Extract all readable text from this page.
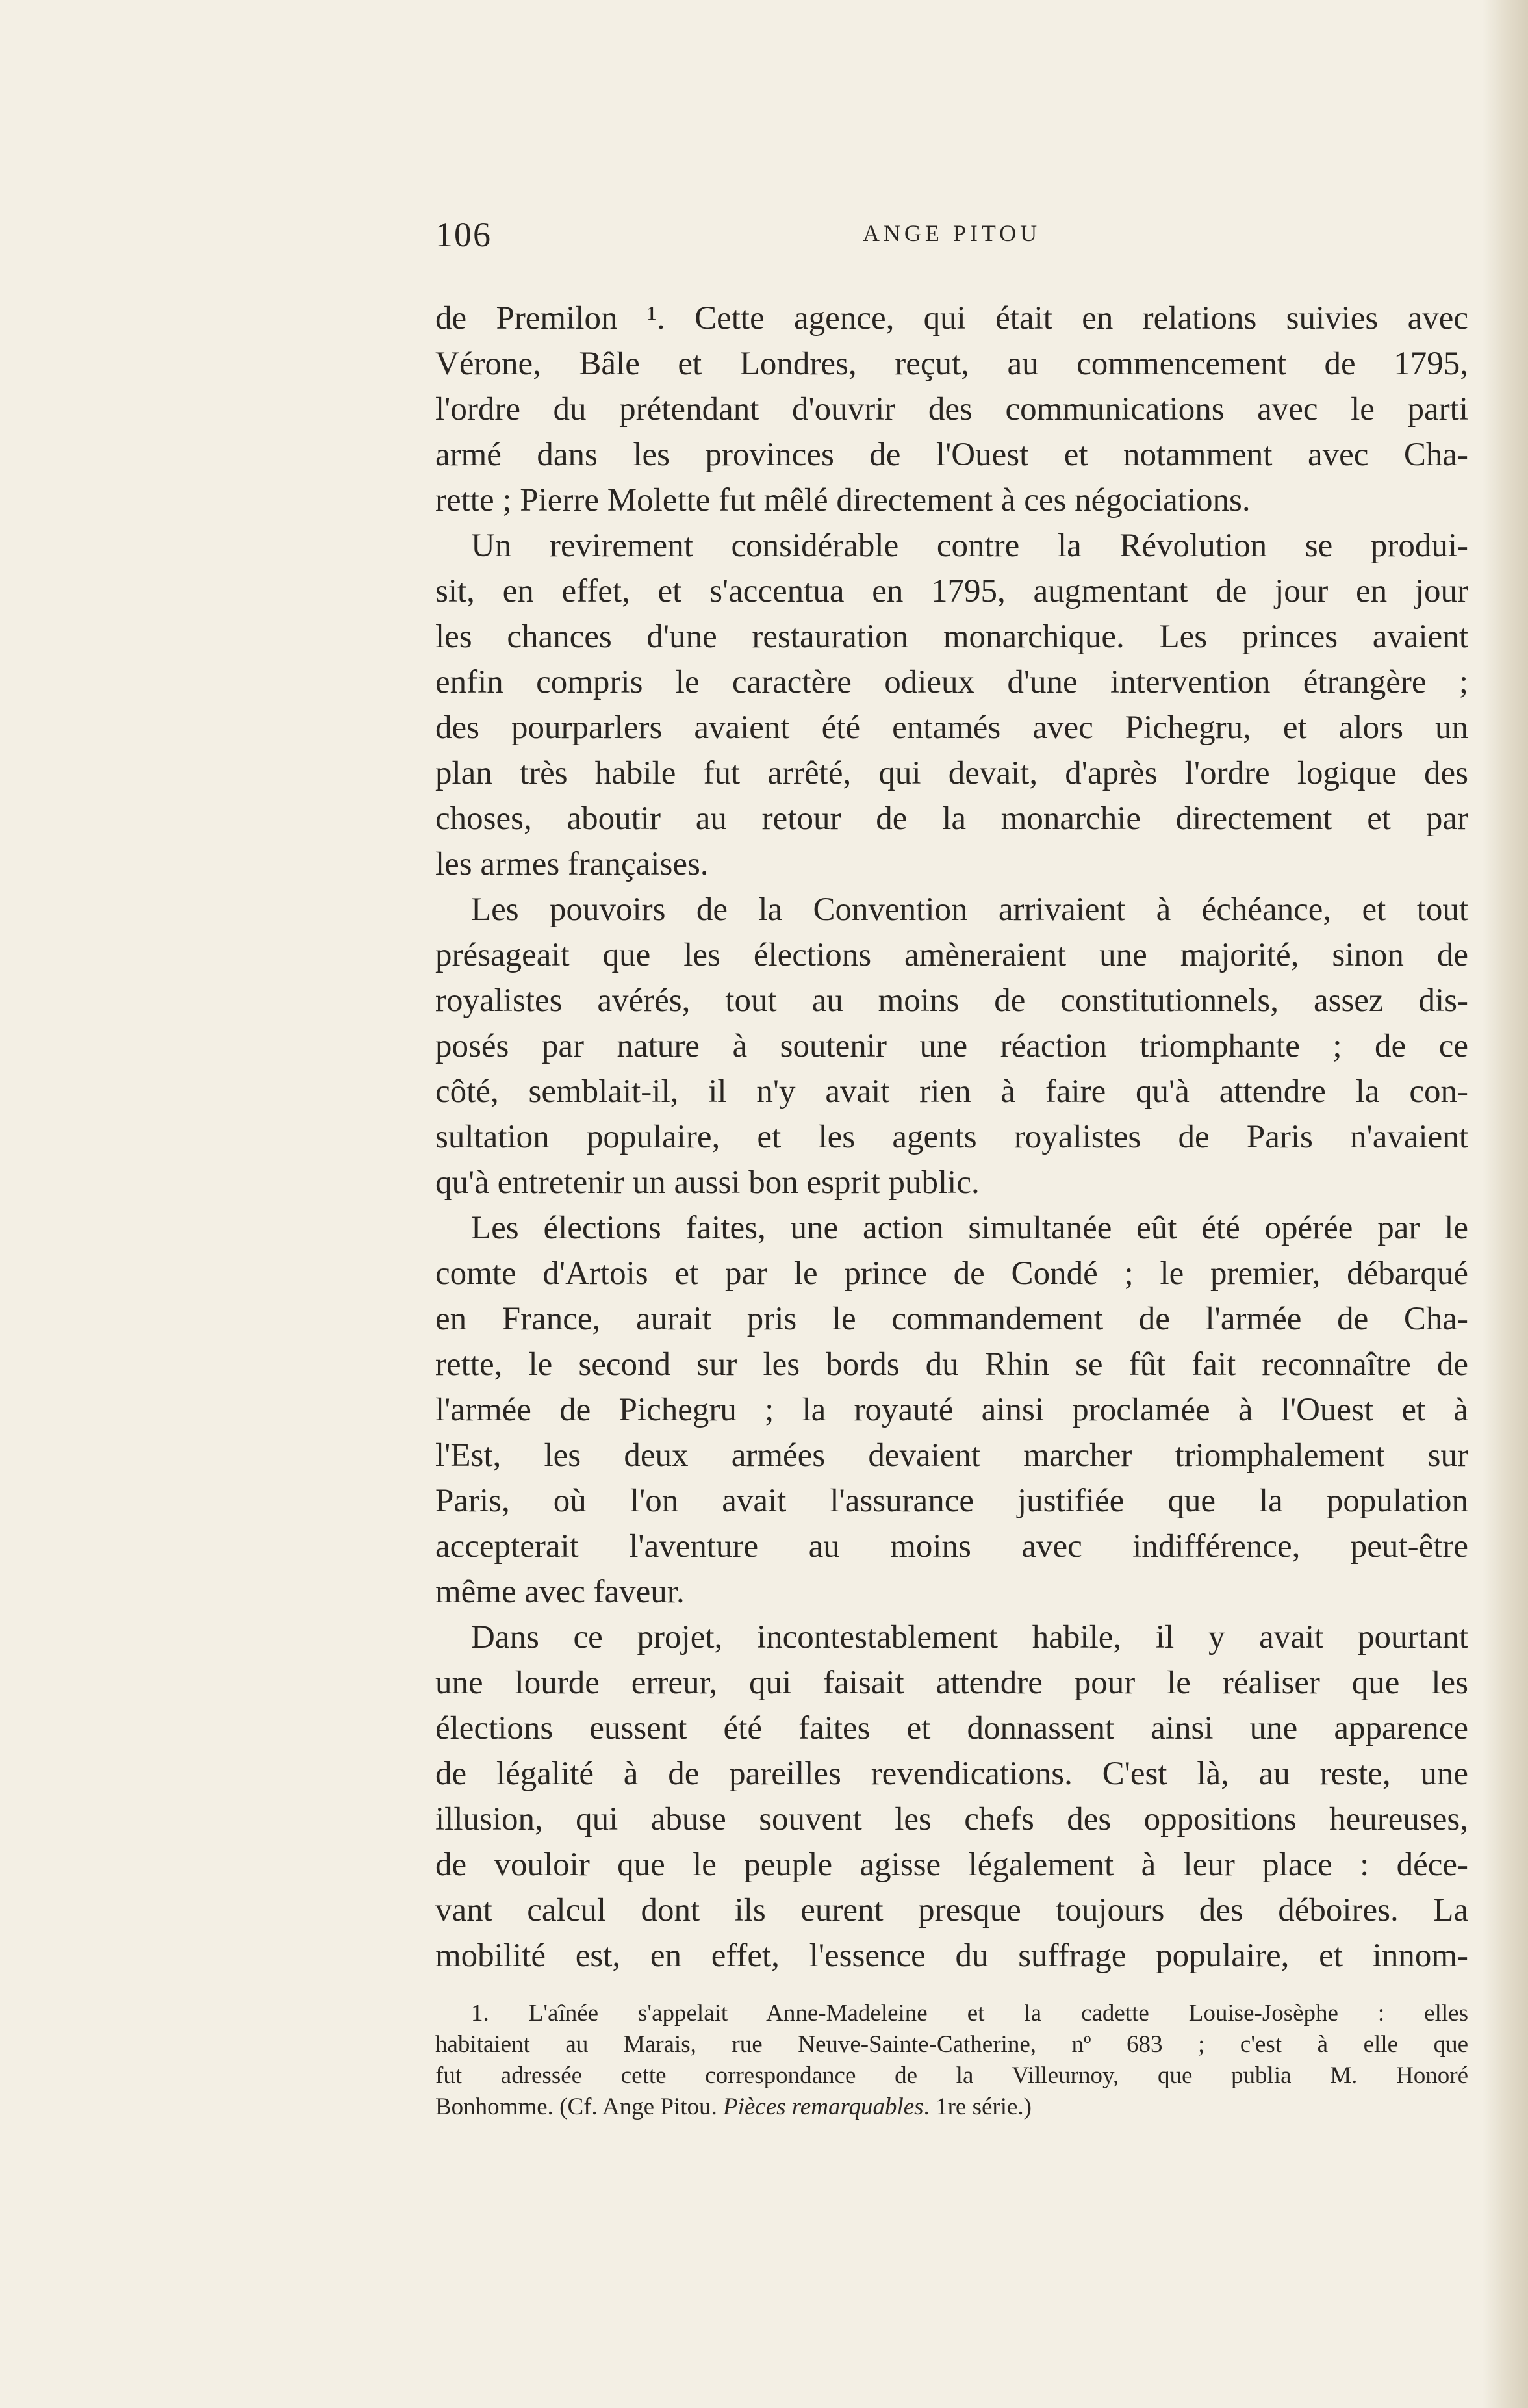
106	ANGE PITOU
de Premilon ¹. Cette agence, qui était en relations suivies avec
Vérone, Bâle et Londres, reçut, au commencement de 1795,
l'ordre du prétendant d'ouvrir des communications avec le parti
armé dans les provinces de l'Ouest et notamment avec Cha-
rette ; Pierre Molette fut mêlé directement à ces négociations.
Un revirement considérable contre la Révolution se produi-
sit, en effet, et s'accentua en 1795, augmentant de jour en jour
les chances d'une restauration monarchique. Les princes avaient
enfin compris le caractère odieux d'une intervention étrangère ;
des pourparlers avaient été entamés avec Pichegru, et alors un
plan très habile fut arrêté, qui devait, d'après l'ordre logique des
choses, aboutir au retour de la monarchie directement et par
les armes françaises.
Les pouvoirs de la Convention arrivaient à échéance, et tout
présageait que les élections amèneraient une majorité, sinon de
royalistes avérés, tout au moins de constitutionnels, assez dis-
posés par nature à soutenir une réaction triomphante ; de ce
côté, semblait-il, il n'y avait rien à faire qu'à attendre la con-
sultation populaire, et les agents royalistes de Paris n'avaient
qu'à entretenir un aussi bon esprit public.
Les élections faites, une action simultanée eût été opérée par le
comte d'Artois et par le prince de Condé ; le premier, débarqué
en France, aurait pris le commandement de l'armée de Cha-
rette, le second sur les bords du Rhin se fût fait reconnaître de
l'armée de Pichegru ; la royauté ainsi proclamée à l'Ouest et à
l'Est, les deux armées devaient marcher triomphalement sur
Paris, où l'on avait l'assurance justifiée que la population
accepterait l'aventure au moins avec indifférence, peut-être
même avec faveur.
Dans ce projet, incontestablement habile, il y avait pourtant
une lourde erreur, qui faisait attendre pour le réaliser que les
élections eussent été faites et donnassent ainsi une apparence
de légalité à de pareilles revendications. C'est là, au reste, une
illusion, qui abuse souvent les chefs des oppositions heureuses,
de vouloir que le peuple agisse légalement à leur place : déce-
vant calcul dont ils eurent presque toujours des déboires. La
mobilité est, en effet, l'essence du suffrage populaire, et innom-
1. L'aînée s'appelait Anne-Madeleine et la cadette Louise-Josèphe : elles
habitaient au Marais, rue Neuve-Sainte-Catherine, nº 683 ; c'est à elle que
fut adressée cette correspondance de la Villeurnoy, que publia M. Honoré
Bonhomme. (Cf. Ange Pitou. Pièces remarquables. 1re série.)
